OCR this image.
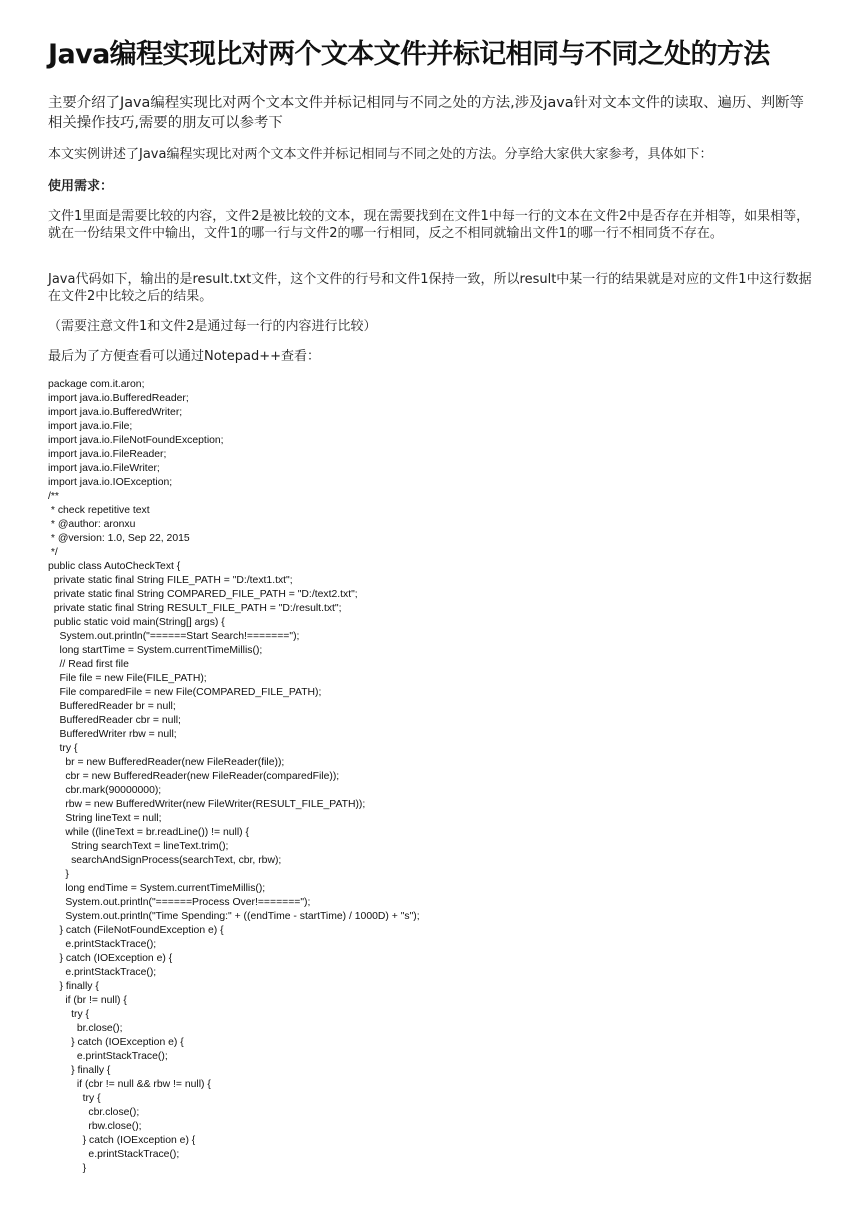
Java编程实现比对两个文本文件并标记相同与不同之处的方法
主要介绍了Java编程实现比对两个文本文件并标记相同与不同之处的方法,涉及java针对文本文件的读取、遍历、判断等相关操作技巧,需要的朋友可以参考下
本文实例讲述了Java编程实现比对两个文本文件并标记相同与不同之处的方法。分享给大家供大家参考，具体如下：
使用需求：
文件1里面是需要比较的内容，文件2是被比较的文本，现在需要找到在文件1中每一行的文本在文件2中是否存在并相等，如果相等，就在一份结果文件中输出，文件1的哪一行与文件2的哪一行相同，反之不相同就输出文件1的哪一行不相同货不存在。
Java代码如下，输出的是result.txt文件，这个文件的行号和文件1保持一致，所以result中某一行的结果就是对应的文件1中这行数据在文件2中比较之后的结果。
（需要注意文件1和文件2是通过每一行的内容进行比较）
最后为了方便查看可以通过Notepad++查看：
package com.it.aron;
import java.io.BufferedReader;
import java.io.BufferedWriter;
import java.io.File;
import java.io.FileNotFoundException;
import java.io.FileReader;
import java.io.FileWriter;
import java.io.IOException;
/**
* check repetitive text
* @author: aronxu
* @version: 1.0, Sep 22, 2015
*/
public class AutoCheckText {
private static final String FILE_PATH = "D:/text1.txt";
private static final String COMPARED_FILE_PATH = "D:/text2.txt";
private static final String RESULT_FILE_PATH = "D:/result.txt";
public static void main(String[] args) {
System.out.println("======Start Search!=======");
long startTime = System.currentTimeMillis();
// Read first file
File file = new File(FILE_PATH);
File comparedFile = new File(COMPARED_FILE_PATH);
BufferedReader br = null;
BufferedReader cbr = null;
BufferedWriter rbw = null;
try {
br = new BufferedReader(new FileReader(file));
cbr = new BufferedReader(new FileReader(comparedFile));
cbr.mark(90000000);
rbw = new BufferedWriter(new FileWriter(RESULT_FILE_PATH));
String lineText = null;
while ((lineText = br.readLine()) != null) {
String searchText = lineText.trim();
searchAndSignProcess(searchText, cbr, rbw);
}
long endTime = System.currentTimeMillis();
System.out.println("======Process Over!=======");
System.out.println("Time Spending:" + ((endTime - startTime) / 1000D) + "s");
} catch (FileNotFoundException e) {
e.printStackTrace();
} catch (IOException e) {
e.printStackTrace();
} finally {
if (br != null) {
try {
br.close();
} catch (IOException e) {
e.printStackTrace();
} finally {
if (cbr != null && rbw != null) {
try {
cbr.close();
rbw.close();
} catch (IOException e) {
e.printStackTrace();
}
